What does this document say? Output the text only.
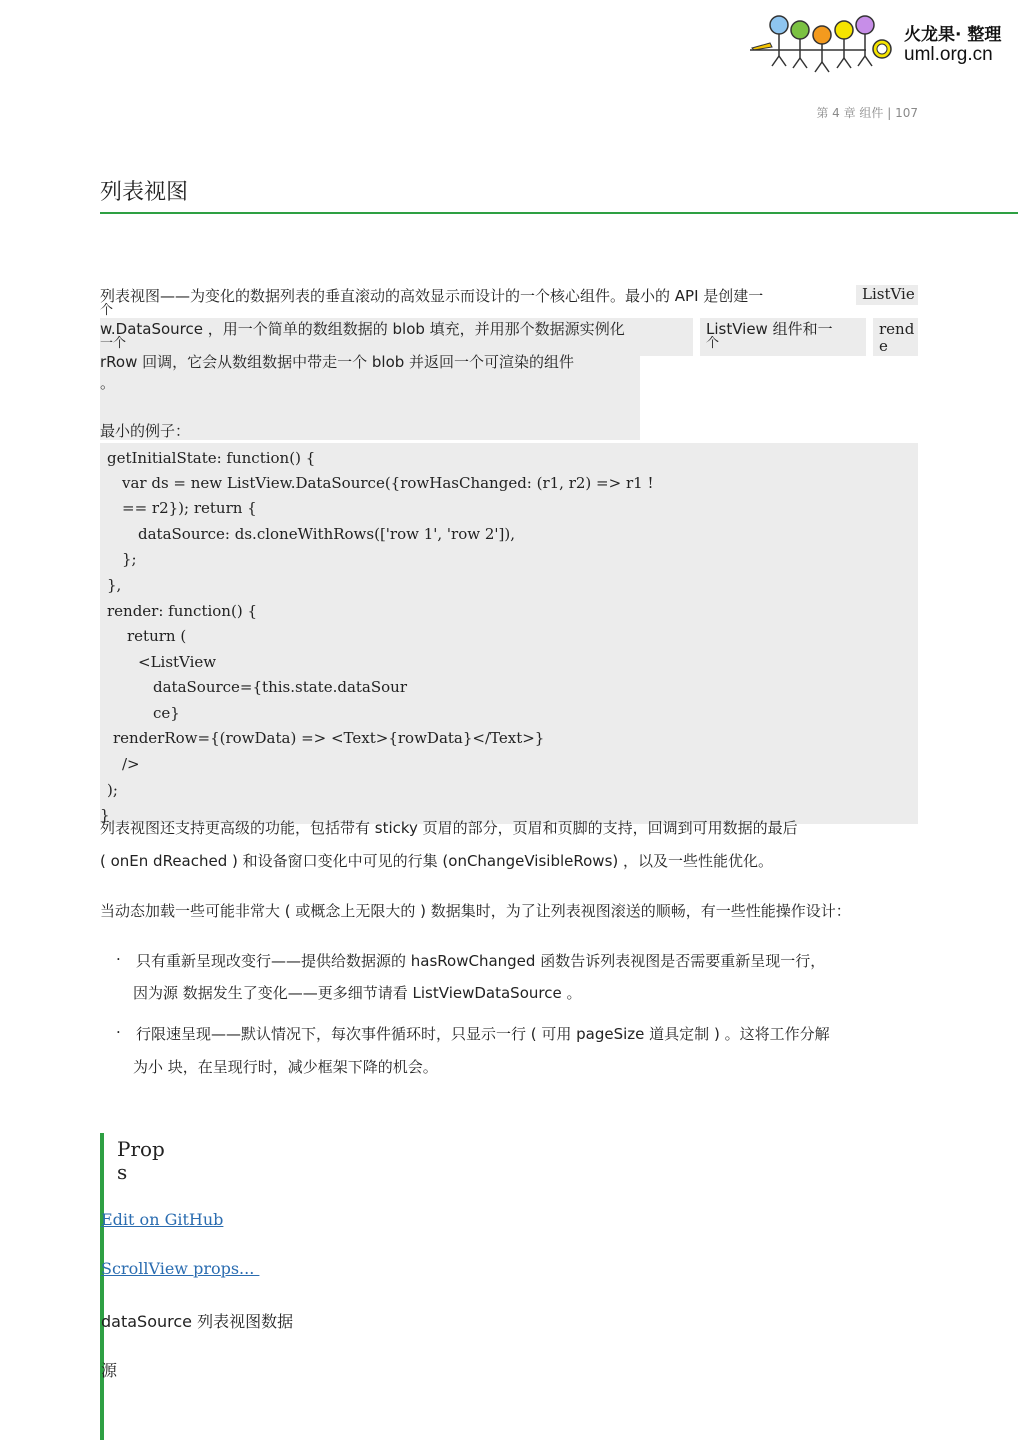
火龙果· 整理
uml.org.cn
第 4 章 组件 | 107
列表视图
列表视图——为变化的数据列表的垂直滚动的高效显示而设计的一个核心组件。最小的 API 是创建一
个
ListVie
w.DataSource ，用一个简单的数组数据的 blob 填充，并用那个数据源实例化
一个
ListView 组件和一
个
rend
e
rRow 回调，它会从数组数据中带走一个 blob 并返回一个可渲染的组件
。
最小的例子：
getInitialState: function() {
var ds = new ListView.DataSource({rowHasChanged: (r1, r2) => r1 !
== r2}); return {
dataSource: ds.cloneWithRows(['row 1', 'row 2']),
};
},
render: function() {
return (
<ListView
dataSource={this.state.dataSour
ce}
renderRow={(rowData) => <Text>{rowData}</Text>}
/>
);
}
列表视图还支持更高级的功能，包括带有 sticky 页眉的部分，页眉和页脚的支持，回调到可用数据的最后
( onEn dReached ) 和设备窗口变化中可见的行集 (onChangeVisibleRows) ，以及一些性能优化。
当动态加载一些可能非常大 ( 或概念上无限大的 ) 数据集时，为了让列表视图滚送的顺畅，有一些性能操作设计：
· 只有重新呈现改变行——提供给数据源的 hasRowChanged 函数告诉列表视图是否需要重新呈现一行，
因为源 数据发生了变化——更多细节请看 ListViewDataSource 。
· 行限速呈现——默认情况下，每次事件循环时，只显示一行 ( 可用 pageSize 道具定制 ) 。这将工作分解
为小 块，在呈现行时，减少框架下降的机会。
Prop
s
Edit on GitHub
ScrollView props...
dataSource 列表视图数据
源
